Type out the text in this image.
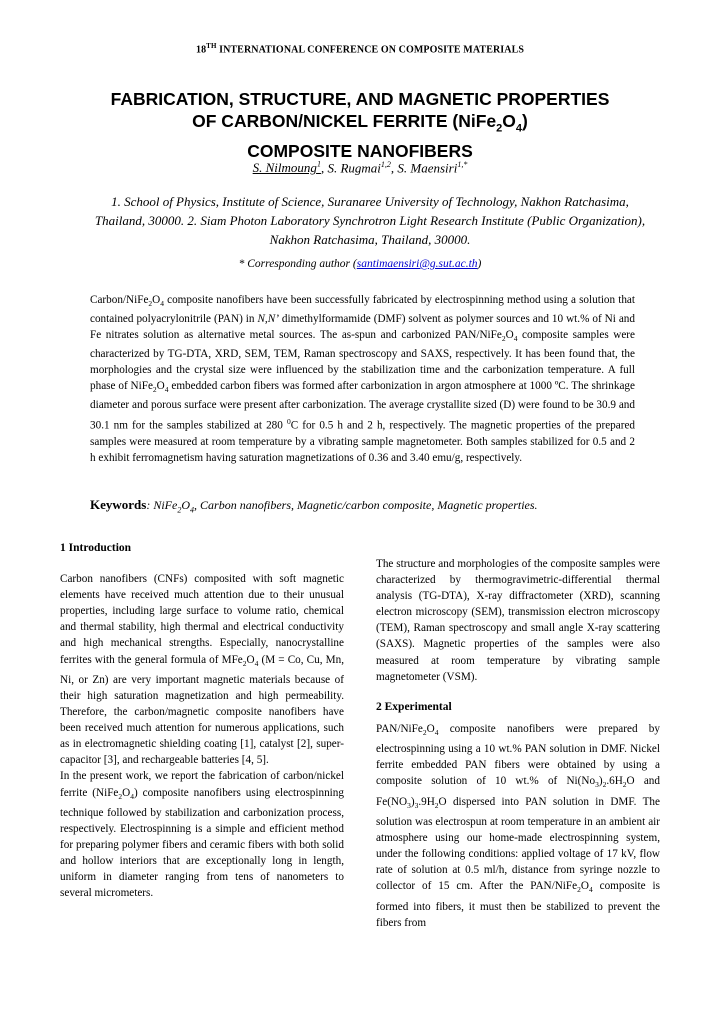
18TH INTERNATIONAL CONFERENCE ON COMPOSITE MATERIALS
FABRICATION, STRUCTURE, AND MAGNETIC PROPERTIES
OF CARBON/NICKEL FERRITE $(NiFe_2O_4)$
COMPOSITE NANOFIBERS
S. Nilmoung$^1$, S. Rugmai$^{1,2}$, S. Maensiri$^{1,*}$
1. School of Physics, Institute of Science, Suranaree University of Technology, Nakhon Ratchasima, Thailand, 30000. 2. Siam Photon Laboratory Synchrotron Light Research Institute (Public Organization), Nakhon Ratchasima, Thailand, 30000.
* Corresponding author (santimaensiri@g.sut.ac.th)
Carbon/$NiFe_2O_4$ composite nanofibers have been successfully fabricated by electrospinning method using a solution that contained polyacrylonitrile (PAN) in N,N’ dimethylformamide (DMF) solvent as polymer sources and 10 wt.% of Ni and Fe nitrates solution as alternative metal sources. The as-spun and carbonized PAN/$NiFe_2O_4$ composite samples were characterized by TG-DTA, XRD, SEM, TEM, Raman spectroscopy and SAXS, respectively. It has been found that, the morphologies and the crystal size were influenced by the stabilization time and the carbonization temperature. A full phase of $NiFe_2O_4$ embedded carbon fibers was formed after carbonization in argon atmosphere at 1000 ºC. The shrinkage diameter and porous surface were present after carbonization. The average crystallite sized (D) were found to be 30.9 and 30.1 nm for the samples stabilized at 280 $^0$C for 0.5 h and 2 h, respectively. The magnetic properties of the prepared samples were measured at room temperature by a vibrating sample magnetometer. Both samples stabilized for 0.5 and 2 h exhibit ferromagnetism having saturation magnetizations of 0.36 and 3.40 emu/g, respectively.
Keywords: $NiFe_2O_4$, Carbon nanofibers, Magnetic/carbon composite, Magnetic properties.
1 Introduction

Carbon nanofibers (CNFs) composited with soft magnetic elements have received much attention due to their unusual properties, including large surface to volume ratio, chemical and thermal stability, high thermal and electrical conductivity and high mechanical strengths. Especially, nanocrystalline ferrites with the general formula of $MFe_2O_4$ (M = Co, Cu, Mn, Ni, or Zn) are very important magnetic materials because of their high saturation magnetization and high permeability. Therefore, the carbon/magnetic composite nanofibers have been received much attention for numerous applications, such as in electromagnetic shielding coating [1], catalyst [2], super-capacitor [3], and rechargeable batteries [4, 5].

In the present work, we report the fabrication of carbon/nickel ferrite $(NiFe_2O_4)$ composite nanofibers using electrospinning technique followed by stabilization and carbonization process, respectively. Electrospinning is a simple and efficient method for preparing polymer fibers and ceramic fibers with both solid and hollow interiors that are exceptionally long in length, uniform in diameter ranging from tens of nanometers to several micrometers.

The structure and morphologies of the composite samples were characterized by thermogravimetric-differential thermal analysis (TG-DTA), X-ray diffractometer (XRD), scanning electron microscopy (SEM), transmission electron microscopy (TEM), Raman spectroscopy and small angle X-ray scattering (SAXS). Magnetic properties of the samples were also measured at room temperature by vibrating sample magnetometer (VSM).

2 Experimental

PAN/$NiFe_2O_4$ composite nanofibers were prepared by electrospinning using a 10 wt.% PAN solution in DMF. Nickel ferrite embedded PAN fibers were obtained by using a composite solution of 10 wt.% of $Ni(No_3)_2.6H_2O$ and $Fe(NO_3)_3.9H_2O$ dispersed into PAN solution in DMF. The solution was electrospun at room temperature in an ambient air atmosphere using our home-made electrospinning system, under the following conditions: applied voltage of 17 kV, flow rate of solution at 0.5 ml/h, distance from syringe nozzle to collector of 15 cm. After the PAN/$NiFe_2O_4$ composite is formed into fibers, it must then be stabilized to prevent the fibers from
